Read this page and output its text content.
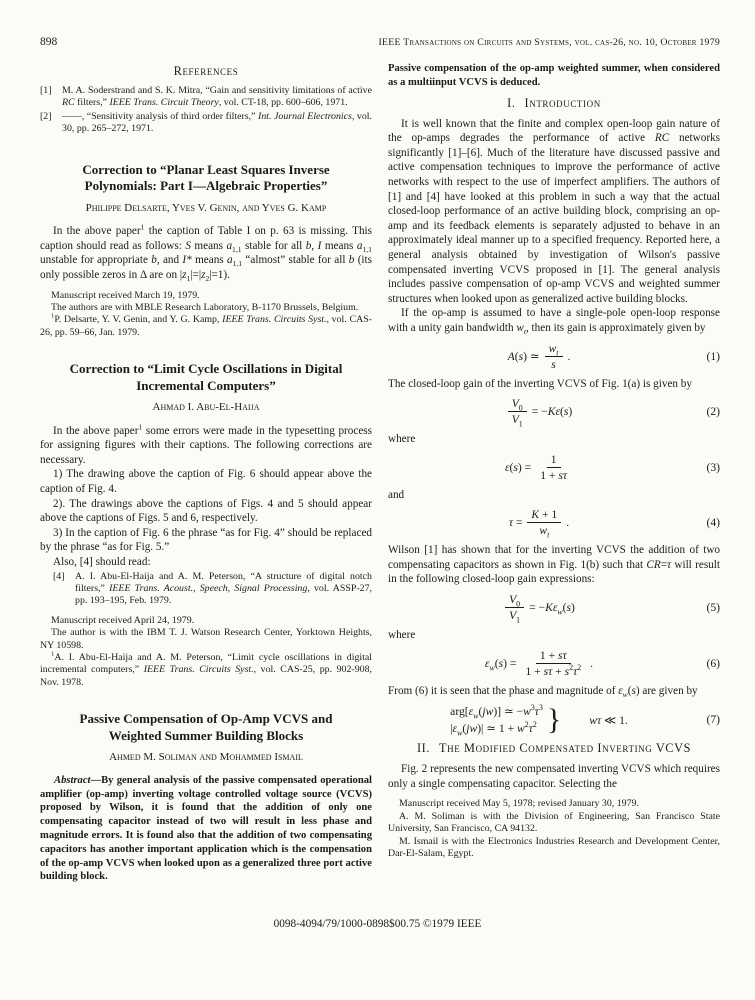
898	IEEE Transactions on Circuits and Systems, vol. cas-26, no. 10, October 1979
References
[1]	M. A. Soderstrand and S. K. Mitra, “Gain and sensitivity limitations of active RC filters,” IEEE Trans. Circuit Theory, vol. CT-18, pp. 600–606, 1971.
[2]	——, “Sensitivity analysis of third order filters,” Int. Journal Electronics, vol. 30, pp. 265–272, 1971.
Correction to “Planar Least Squares Inverse Polynomials: Part I—Algebraic Properties”
Philippe Delsarte, Yves V. Genin, and Yves G. Kamp

In the above paper$^1$ the caption of Table I on p. 63 is missing. This caption should read as follows: S means $a_{1,1}$ stable for all b, I means $a_{1,1}$ unstable for appropriate b, and I* means $a_{1,1}$ “almost” stable for all b (its only possible zeros in Δ are on $|z_1|=|z_2|=1$).

Manuscript received March 19, 1979.

The authors are with MBLE Research Laboratory, B-1170 Brussels, Belgium.

$^1$P. Delsarte, Y. V. Genin, and Y. G. Kamp, IEEE Trans. Circuits Syst., vol. CAS-26, pp. 59–66, Jan. 1979.

Correction to “Limit Cycle Oscillations in Digital Incremental Computers”
Ahmad I. Abu-El-Haija

In the above paper$^1$ some errors were made in the typesetting process for assigning figures with their captions. The following corrections are necessary.

1) The drawing above the caption of Fig. 6 should appear above the caption of Fig. 4.

2). The drawings above the captions of Figs. 4 and 5 should appear above the captions of Figs. 5 and 6, respectively.

3) In the caption of Fig. 6 the phrase “as for Fig. 4” should be replaced by the phrase “as for Fig. 5.”

Also, [4] should read:

[4]	A. I. Abu-El-Haija and A. M. Peterson, “A structure of digital notch filters,” IEEE Trans. Acoust., Speech, Signal Processing, vol. ASSP-27, pp. 193–195, Feb. 1979.

Manuscript received April 24, 1979.

The author is with the IBM T. J. Watson Research Center, Yorktown Heights, NY 10598.

$^1$A. I. Abu-El-Haija and A. M. Peterson, “Limit cycle oscillations in digital incremental computers,” IEEE Trans. Circuits Syst., vol. CAS-25, pp. 902-908, Nov. 1978.

Passive Compensation of Op-Amp VCVS and Weighted Summer Building Blocks
Ahmed M. Soliman and Mohammed Ismail

Abstract—By general analysis of the passive compensated operational amplifier (op-amp) inverting voltage controlled voltage source (VCVS) proposed by Wilson, it is found that the addition of only one compensating capacitor instead of two will result in less phase and magnitude errors. It is found also that the addition of two compensating capacitors has another important application which is the compensation of the op-amp VCVS when looked upon as a generalized three port active building block.

Passive compensation of the op-amp weighted summer, when considered as a multiinput VCVS is deduced.

I. Introduction

It is well known that the finite and complex open-loop gain nature of the op-amps degrades the performance of active RC networks significantly [1]–[6]. Much of the literature have discussed passive and active compensation techniques to improve the performance of active networks with respect to the use of imperfect amplifiers. The authors of [1] and [4] have looked at this problem in such a way that the actual closed-loop performance of an active building block, comprising an op-amp and its feedback elements is separately adjusted to behave in an approximately ideal manner up to a specified frequency. Reported here, a general analysis obtained by investigation of Wilson's passive compensated inverting VCVS proposed in [1]. The general analysis includes passive compensation of op-amp VCVS and weighted summer structures when looked upon as generalized active building blocks.

If the op-amp is assumed to have a single-pole open-loop response with a unity gain bandwidth $w_t$, then its gain is approximately given by

A(s) ≃ $\frac{w_t}{s}$ .	(1)

The closed-loop gain of the inverting VCVS of Fig. 1(a) is given by

$\frac{V_0}{V_1} = -K\varepsilon(s)$	(2)

where

$\varepsilon(s) = \frac{1}{1 + s\tau}$	(3)

and

$\tau = \frac{K + 1}{w_t}$ .	(4)

Wilson [1] has shown that for the inverting VCVS the addition of two compensating capacitors as shown in Fig. 1(b) such that CR=τ will result in the following closed-loop gain expressions:

$\frac{V_0}{V_1} = -K\varepsilon_w(s)$	(5)

where

$\varepsilon_w(s) = \frac{1 + s\tau}{1 + s\tau + s^2\tau^2}$ .	(6)

From (6) it is seen that the phase and magnitude of $\varepsilon_w(s)$ are given by

$arg[\varepsilon_w(jw)]$ ≃ $-w^3\tau^3$
$|\varepsilon_w(jw)|$ ≃ $1 + w^2\tau^2$ } wτ ≪ 1.	(7)
II. The Modified Compensated Inverting VCVS

Fig. 2 represents the new compensated inverting VCVS which requires only a single compensating capacitor. Selecting the

Manuscript received May 5, 1978; revised January 30, 1979.

A. M. Soliman is with the Division of Engineering, San Francisco State University, San Francisco, CA 94132.

M. Ismail is with the Electronics Industries Research and Development Center, Dar-El-Salam, Egypt.

0098-4094/79/1000-0898$00.75 ©1979 IEEE
